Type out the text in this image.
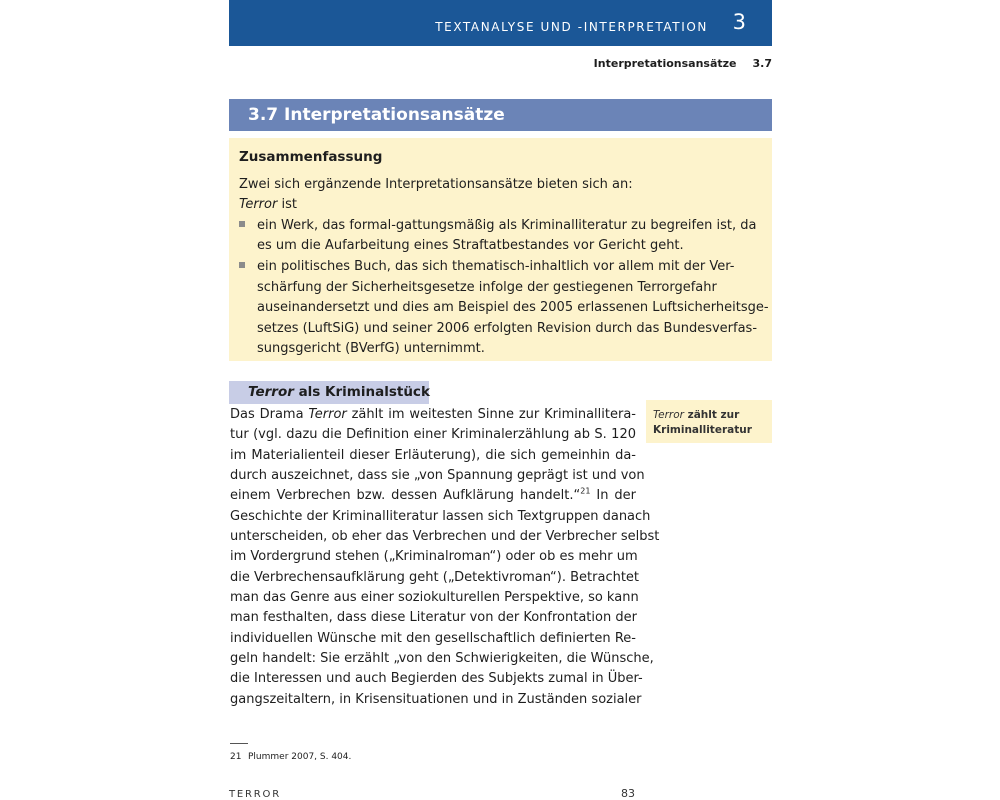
TEXTANALYSE UND -INTERPRETATION 3
Interpretationsansätze 3.7
3.7 Interpretationsansätze
Zusammenfassung
Zwei sich ergänzende Interpretationsansätze bieten sich an:
Terror ist
ein Werk, das formal-gattungsmäßig als Kriminalliteratur zu begreifen ist, da
es um die Aufarbeitung eines Straftatbestandes vor Gericht geht.
ein politisches Buch, das sich thematisch-inhaltlich vor allem mit der Ver-
schärfung der Sicherheitsgesetze infolge der gestiegenen Terrorgefahr
auseinandersetzt und dies am Beispiel des 2005 erlassenen Luftsicherheitsge-
setzes (LuftSiG) und seiner 2006 erfolgten Revision durch das Bundesverfas-
sungsgericht (BVerfG) unternimmt.
Terror als Kriminalstück
Terror zählt zur
Kriminalliteratur
Das Drama Terror zählt im weitesten Sinne zur Kriminallitera-
tur (vgl. dazu die Definition einer Kriminalerzählung ab S. 120
im Materialienteil dieser Erläuterung), die sich gemeinhin da-
durch auszeichnet, dass sie „von Spannung geprägt ist und von
einem Verbrechen bzw. dessen Aufklärung handelt.“$^{21}$ In der
Geschichte der Kriminalliteratur lassen sich Textgruppen danach
unterscheiden, ob eher das Verbrechen und der Verbrecher selbst
im Vordergrund stehen („Kriminalroman“) oder ob es mehr um
die Verbrechensaufklärung geht („Detektivroman“). Betrachtet
man das Genre aus einer soziokulturellen Perspektive, so kann
man festhalten, dass diese Literatur von der Konfrontation der
individuellen Wünsche mit den gesellschaftlich definierten Re-
geln handelt: Sie erzählt „von den Schwierigkeiten, die Wünsche,
die Interessen und auch Begierden des Subjekts zumal in Über-
gangszeitaltern, in Krisensituationen und in Zuständen sozialer
21 Plummer 2007, S. 404.
TERROR	83
